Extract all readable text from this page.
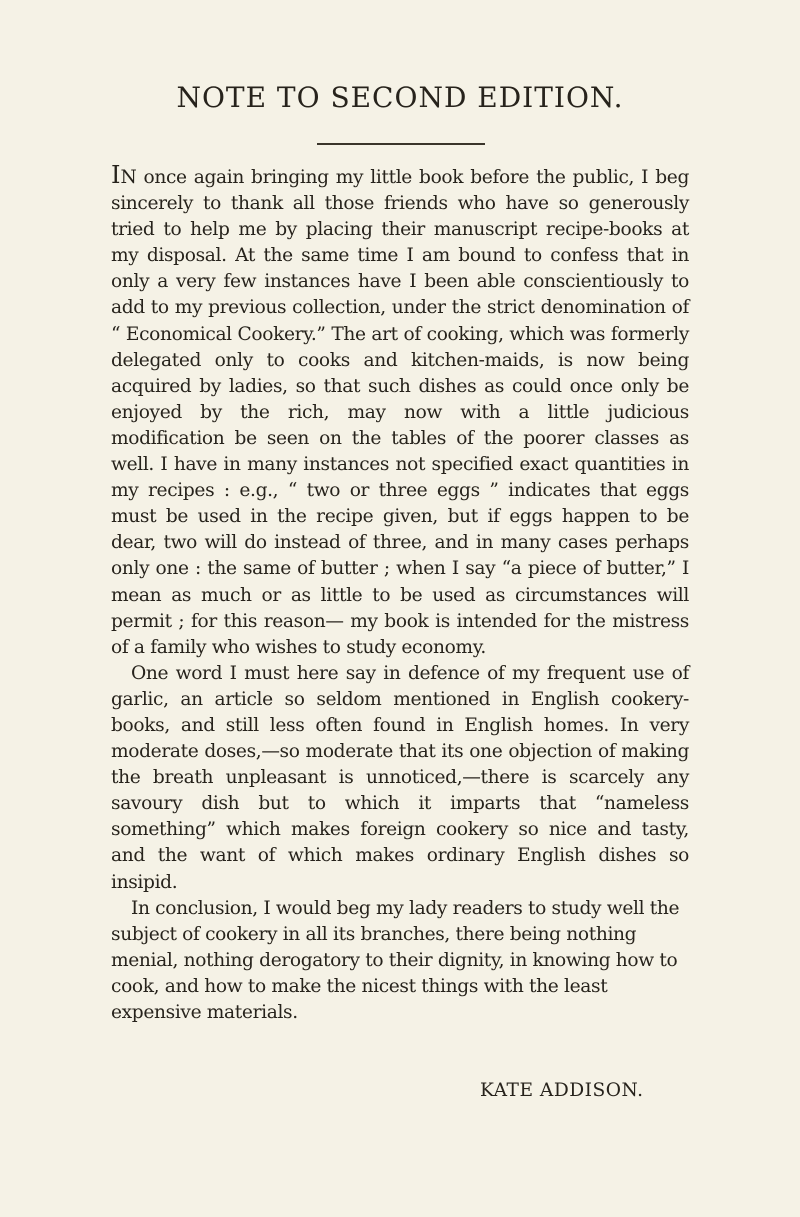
NOTE TO SECOND EDITION.

IN once again bringing my little book before the public, I beg sincerely to thank all those friends who have so generously tried to help me by placing their manuscript recipe-books at my disposal. At the same time I am bound to confess that in only a very few instances have I been able conscientiously to add to my previous collection, under the strict denomination of “ Economical Cookery.” The art of cooking, which was formerly delegated only to cooks and kitchen-maids, is now being acquired by ladies, so that such dishes as could once only be enjoyed by the rich, may now with a little judicious modification be seen on the tables of the poorer classes as well. I have in many instances not specified exact quantities in my recipes : e.g., “ two or three eggs ” indicates that eggs must be used in the recipe given, but if eggs happen to be dear, two will do instead of three, and in many cases perhaps only one : the same of butter ; when I say “a piece of butter,” I mean as much or as little to be used as circumstances will permit ; for this reason— my book is intended for the mistress of a family who wishes to study economy.

One word I must here say in defence of my frequent use of garlic, an article so seldom mentioned in English cookery-books, and still less often found in English homes. In very moderate doses,—so moderate that its one objection of making the breath unpleasant is unnoticed,—there is scarcely any savoury dish but to which it imparts that “nameless something” which makes foreign cookery so nice and tasty, and the want of which makes ordinary English dishes so insipid.

In conclusion, I would beg my lady readers to study well the subject of cookery in all its branches, there being nothing menial, nothing derogatory to their dignity, in knowing how to cook, and how to make the nicest things with the least expensive materials.

KATE ADDISON.
